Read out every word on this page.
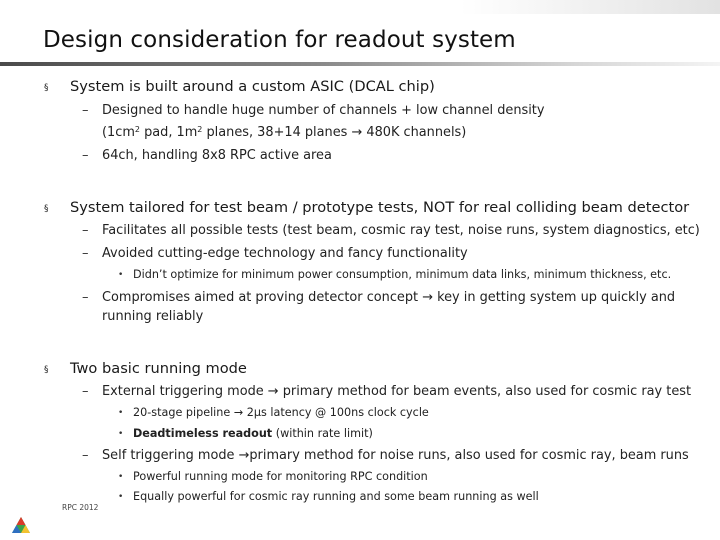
Design consideration for readout system
§ System is built around a custom ASIC (DCAL chip)
– Designed to handle huge number of channels + low channel density
($1cm^2$ pad, $1m^2$ planes, 38+14 planes → 480K channels)
– 64ch, handling 8x8 RPC active area
§ System tailored for test beam / prototype tests, NOT for real colliding beam detector
– Facilitates all possible tests (test beam, cosmic ray test, noise runs, system diagnostics, etc)
– Avoided cutting-edge technology and fancy functionality
• Didn’t optimize for minimum power consumption, minimum data links, minimum thickness, etc.
– Compromises aimed at proving detector concept → key in getting system up quickly and
running reliably
§ Two basic running mode
– External triggering mode → primary method for beam events, also used for cosmic ray test
• 20-stage pipeline → 2µs latency @ 100ns clock cycle
• Deadtimeless readout (within rate limit)
– Self triggering mode →primary method for noise runs, also used for cosmic ray, beam runs
• Powerful running mode for monitoring RPC condition
• Equally powerful for cosmic ray running and some beam running as well
RPC 2012
